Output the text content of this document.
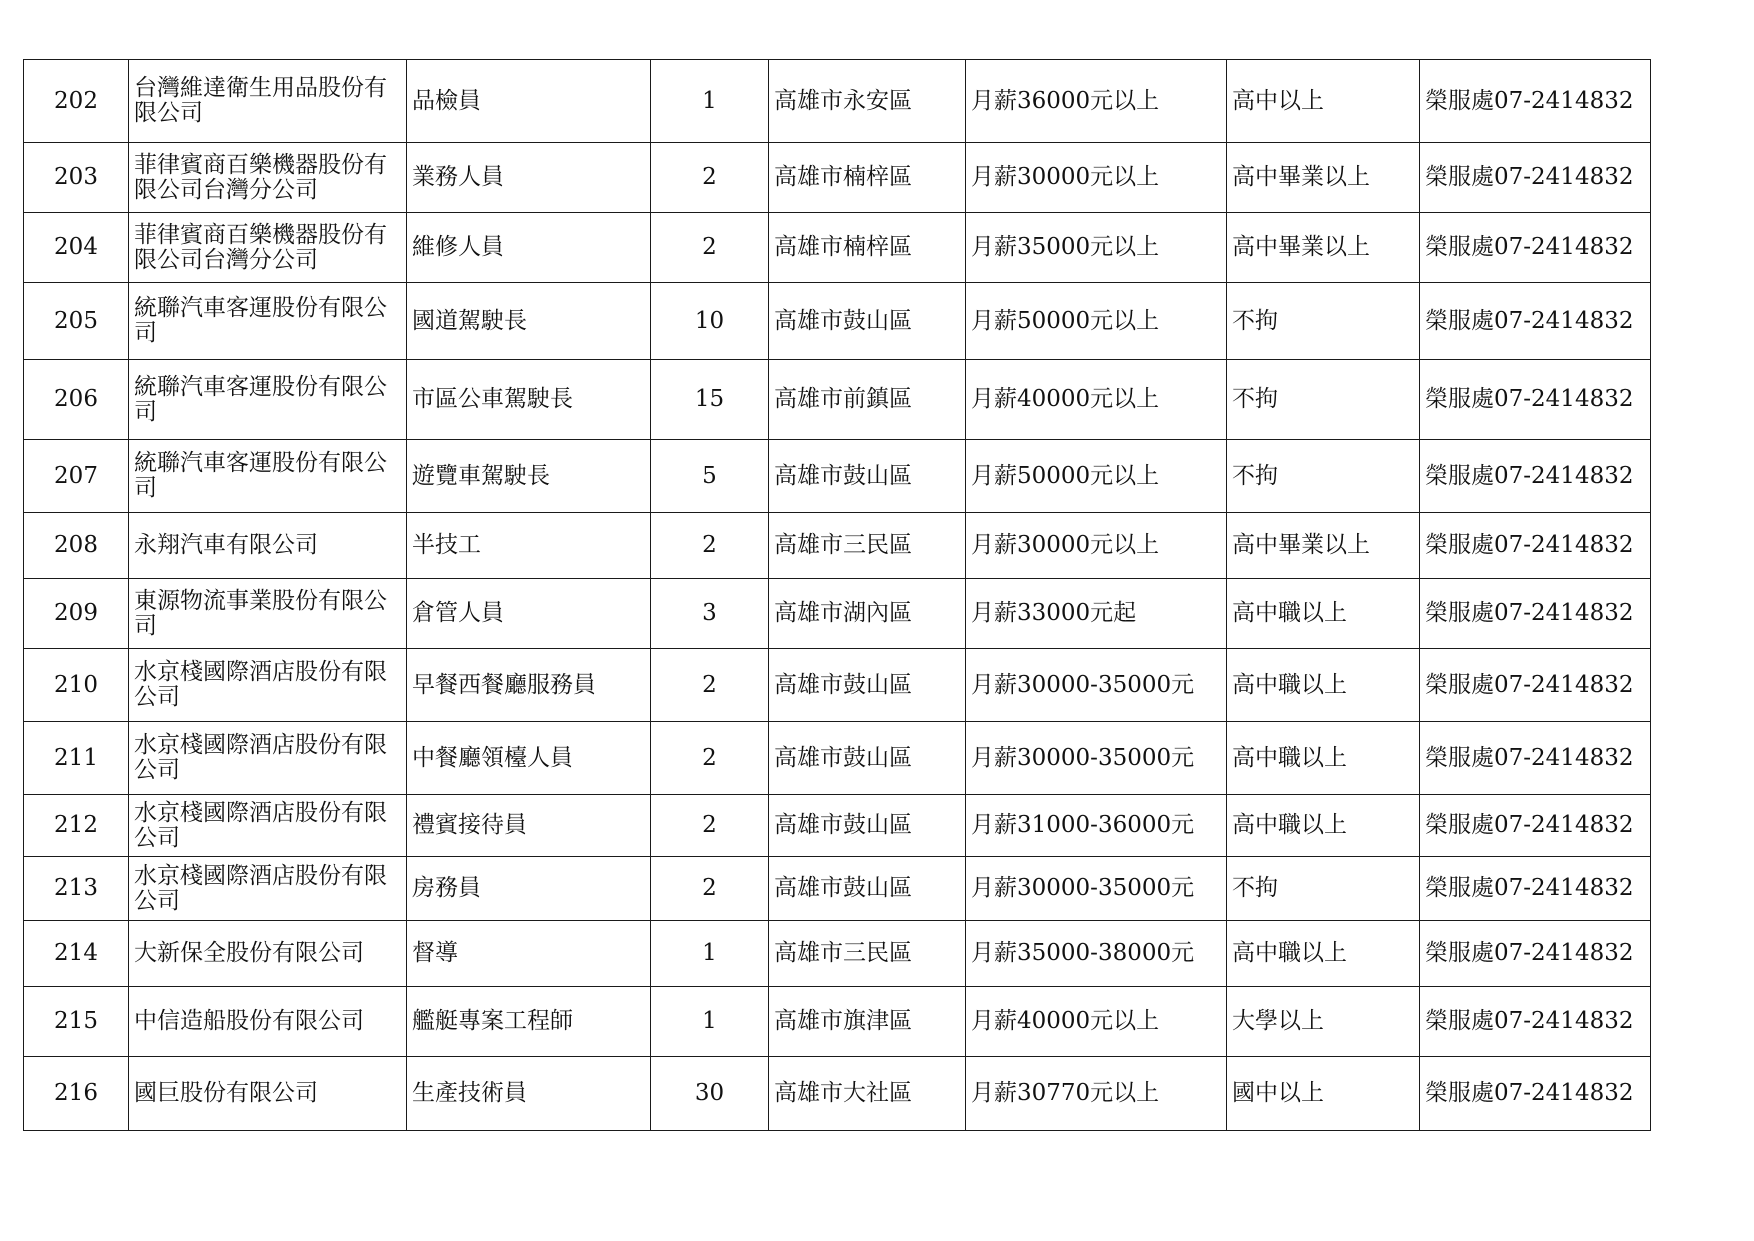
202	台灣維達衛生用品股份有限公司	品檢員	1	高雄市永安區	月薪36000元以上	高中以上	榮服處07-2414832
203	菲律賓商百樂機器股份有限公司台灣分公司	業務人員	2	高雄市楠梓區	月薪30000元以上	高中畢業以上	榮服處07-2414832
204	菲律賓商百樂機器股份有限公司台灣分公司	維修人員	2	高雄市楠梓區	月薪35000元以上	高中畢業以上	榮服處07-2414832
205	統聯汽車客運股份有限公司	國道駕駛長	10	高雄市鼓山區	月薪50000元以上	不拘	榮服處07-2414832
206	統聯汽車客運股份有限公司	市區公車駕駛長	15	高雄市前鎮區	月薪40000元以上	不拘	榮服處07-2414832
207	統聯汽車客運股份有限公司	遊覽車駕駛長	5	高雄市鼓山區	月薪50000元以上	不拘	榮服處07-2414832
208	永翔汽車有限公司	半技工	2	高雄市三民區	月薪30000元以上	高中畢業以上	榮服處07-2414832
209	東源物流事業股份有限公司	倉管人員	3	高雄市湖內區	月薪33000元起	高中職以上	榮服處07-2414832
210	水京棧國際酒店股份有限公司	早餐西餐廳服務員	2	高雄市鼓山區	月薪30000-35000元	高中職以上	榮服處07-2414832
211	水京棧國際酒店股份有限公司	中餐廳領檯人員	2	高雄市鼓山區	月薪30000-35000元	高中職以上	榮服處07-2414832
212	水京棧國際酒店股份有限公司	禮賓接待員	2	高雄市鼓山區	月薪31000-36000元	高中職以上	榮服處07-2414832
213	水京棧國際酒店股份有限公司	房務員	2	高雄市鼓山區	月薪30000-35000元	不拘	榮服處07-2414832
214	大新保全股份有限公司	督導	1	高雄市三民區	月薪35000-38000元	高中職以上	榮服處07-2414832
215	中信造船股份有限公司	艦艇專案工程師	1	高雄市旗津區	月薪40000元以上	大學以上	榮服處07-2414832
216	國巨股份有限公司	生產技術員	30	高雄市大社區	月薪30770元以上	國中以上	榮服處07-2414832
